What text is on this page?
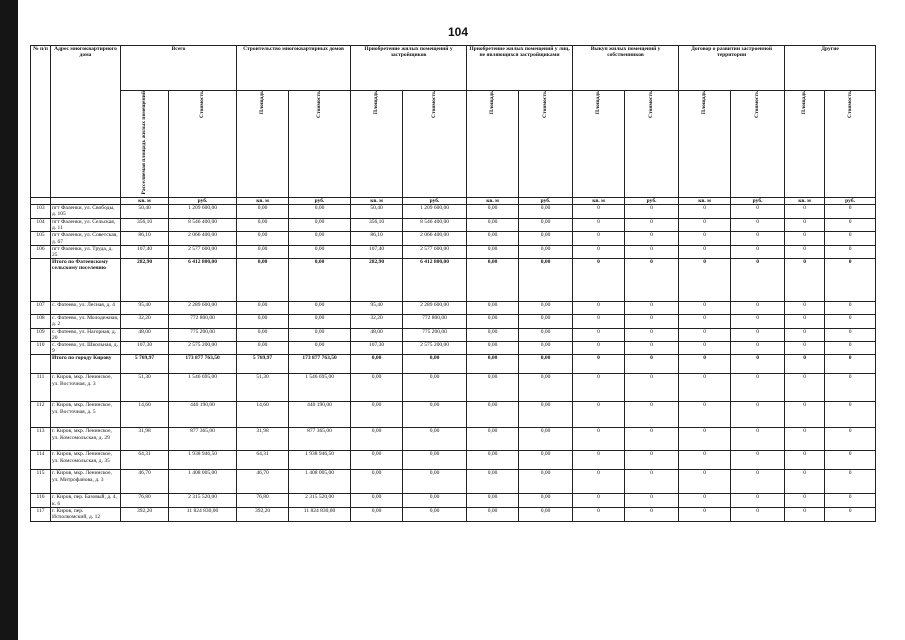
104
№ п/п	Адрес многоквартирного дома	Всего		Строительство многоквартирных домов		Приобретение жилых помещений у застройщиков		Приобретение жилых помещений у лиц, не являющихся застройщиками		Выкуп жилых помещений у собственников		Договор о развитии застроенной территории		Другие	
		Расселяемая площадь жилых помещений	Стоимость	Площадь	Стоимость	Площадь	Стоимость	Площадь	Стоимость	Площадь	Стоимость	Площадь	Стоимость	Площадь	Стоимость
		кв. м	руб.	кв. м	руб.	кв. м	руб.	кв. м	руб.	кв. м	руб.	кв. м	руб.	кв. м	руб.
103	пгт Фаленки, ул. Свободы, д. 105	50,40	1 209 600,00	0,00	0,00	50,40	1 209 600,00	0,00	0,00	0	0	0	0	0	0
104	пгт Фаленки, ул. Сельская, д. 11	356,10	8 546 400,00	0,00	0,00	356,10	8 546 400,00	0,00	0,00	0	0	0	0	0	0
105	пгт Фаленки, ул. Советская, д. 67	86,10	2 066 400,00	0,00	0,00	86,10	2 066 400,00	0,00	0,00	0	0	0	0	0	0
106	пгт Фаленки, ул. Труда, д. 25	107,40	2 577 600,00	0,00	0,00	107,40	2 577 600,00	0,00	0,00	0	0	0	0	0	0
	Итого по Фатеевскому сельскому поселению	282,90	6 412 800,00	0,00	0,00	282,90	6 412 800,00	0,00	0,00	0	0	0	0	0	0
107	с. Фатеево, ул. Лесная, д. 4	95,40	2 289 600,00	0,00	0,00	95,40	2 289 600,00	0,00	0,00	0	0	0	0	0	0
108	с. Фатеево, ул. Молодежная, д. 2	32,20	772 800,00	0,00	0,00	32,20	772 800,00	0,00	0,00	0	0	0	0	0	0
109	с. Фатеево, ул. Нагорная, д. 20	48,00	775 200,00	0,00	0,00	48,00	775 200,00	0,00	0,00	0	0	0	0	0	0
110	с. Фатеево, ул. Школьная, д. 9	107,30	2 575 200,00	0,00	0,00	107,30	2 575 200,00	0,00	0,00	0	0	0	0	0	0
	Итого по городу Кирову	5 769,97	173 877 763,50	5 769,97	173 877 763,50	0,00	0,00	0,00	0,00	0	0	0	0	0	0
111	г. Киров, мкр. Ленинское, ул. Восточная, д. 3	51,30	1 546 695,00	51,30	1 546 695,00	0,00	0,00	0,00	0,00	0	0	0	0	0	0
112	г. Киров, мкр. Ленинское, ул. Восточная, д. 5	14,60	440 190,00	14,60	440 190,00	0,00	0,00	0,00	0,00	0	0	0	0	0	0
113	г. Киров, мкр. Ленинское, ул. Комсомольская, д. 29	31,98	877 365,00	31,98	877 365,00	0,00	0,00	0,00	0,00	0	0	0	0	0	0
114	г. Киров, мкр. Ленинское, ул. Комсомольская, д. 35	64,31	1 938 946,50	64,31	1 938 946,50	0,00	0,00	0,00	0,00	0	0	0	0	0	0
115	г. Киров, мкр. Ленинское, ул. Митрофанова, д. 3	46,70	1 408 005,00	46,70	1 408 005,00	0,00	0,00	0,00	0,00	0	0	0	0	0	0
116	г. Киров, пер. Базовый, д. 4, к. 6	76,80	2 315 520,00	76,80	2 315 520,00	0,00	0,00	0,00	0,00	0	0	0	0	0	0
117	г. Киров, пер. Исполкомский, д. 12	392,20	11 824 830,00	392,20	11 824 830,00	0,00	0,00	0,00	0,00	0	0	0	0	0	0
